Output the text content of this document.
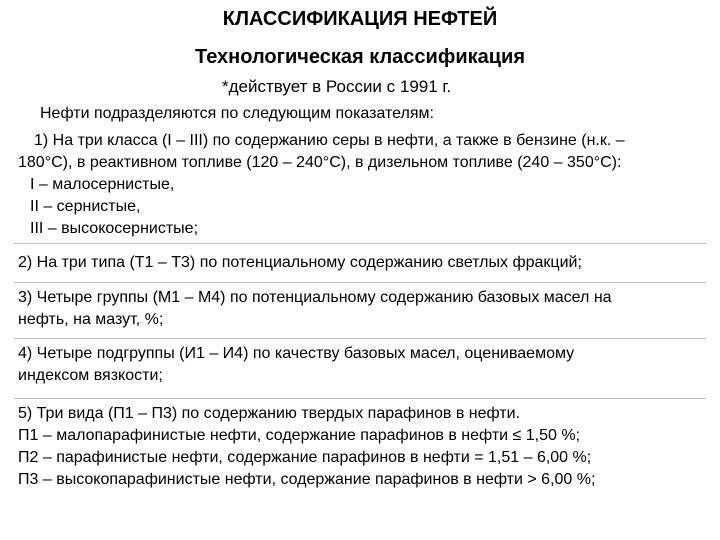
КЛАССИФИКАЦИЯ НЕФТЕЙ
Технологическая классификация
*действует в России с 1991 г.
Нефти подразделяются по следующим показателям:
1) На три класса (I – III) по содержанию серы в нефти, а также в бензине (н.к. –
180°С), в реактивном топливе (120 – 240°С), в дизельном топливе (240 – 350°С):
I – малосернистые,
II – сернистые,
III – высокосернистые;
2) На три типа (Т1 – Т3) по потенциальному содержанию светлых фракций;
3) Четыре группы (М1 – М4) по потенциальному содержанию базовых масел на
нефть, на мазут, %;
4) Четыре подгруппы (И1 – И4) по качеству базовых масел, оцениваемому
индексом вязкости;
5) Три вида (П1 – П3) по содержанию твердых парафинов в нефти.
П1 – малопарафинистые нефти, содержание парафинов в нефти ≤ 1,50 %;
П2 – парафинистые нефти, содержание парафинов в нефти = 1,51 – 6,00 %;
П3 – высокопарафинистые нефти, содержание парафинов в нефти > 6,00 %;
